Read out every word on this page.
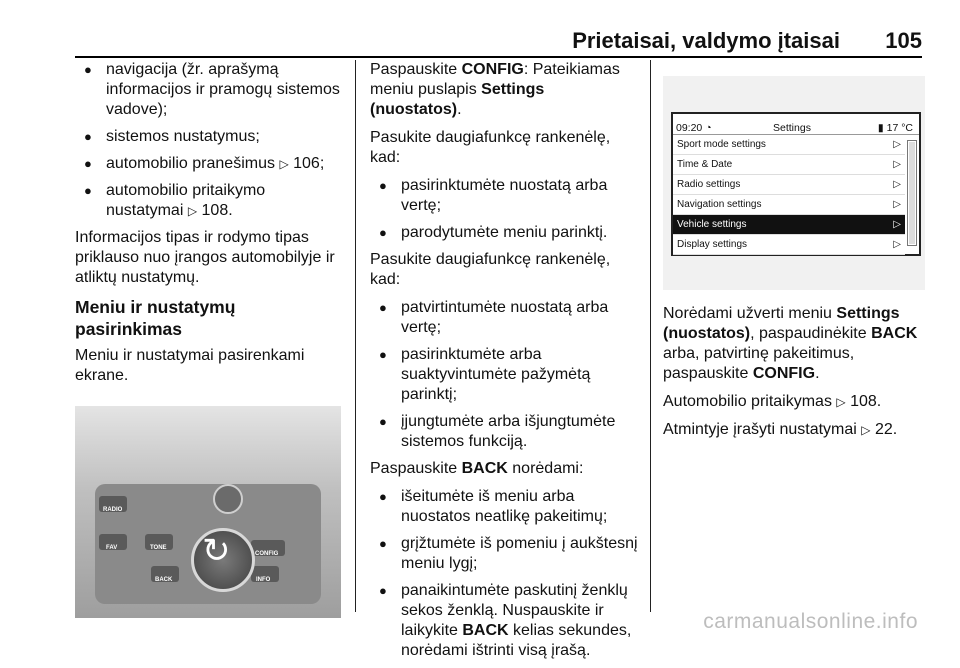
Prietaisai, valdymo įtaisai 105
● navigacija (žr. aprašymą informacijos ir pramogų sistemos vadove);
● sistemos nustatymus;
● automobilio pranešimus ▷ 106;
● automobilio pritaikymo nustatymai ▷ 108.

Informacijos tipas ir rodymo tipas priklauso nuo įrangos automobilyje ir atliktų nustatymų.

Meniu ir nustatymų pasirinkimas

Meniu ir nustatymai pasirenkami ekrane.

RADIO
FAV	TONE
BACK
CONFIG
INFO
↻

Paspauskite CONFIG: Pateikiamas meniu puslapis Settings (nuostatos).

Pasukite daugiafunkcę rankenėlę, kad:

● pasirinktumėte nuostatą arba vertę;
● parodytumėte meniu parinktį.

Pasukite daugiafunkcę rankenėlę, kad:

● patvirtintumėte nuostatą arba vertę;
● pasirinktumėte arba suaktyvintumėte pažymėtą parinktį;
● įjungtumėte arba išjungtumėte sistemos funkciją.

Paspauskite BACK norėdami:

● išeitumėte iš meniu arba nuostatos neatlikę pakeitimų;
● grįžtumėte iš pomeniu į aukštesnį meniu lygį;
● panaikintumėte paskutinį ženklų sekos ženklą. Nuspauskite ir laikykite BACK kelias sekundes, norėdami ištrinti visą įrašą.
09:20 ◔	Settings	▮ 17 °C
Sport mode settings	▷
Time & Date	▷
Radio settings	▷
Navigation settings	▷
Vehicle settings	▷
Display settings	▷

Norėdami užverti meniu Settings (nuostatos), paspaudinėkite BACK arba, patvirtinę pakeitimus, paspauskite CONFIG.

Automobilio pritaikymas ▷ 108.

Atmintyje įrašyti nustatymai ▷ 22.

carmanualsonline.info
